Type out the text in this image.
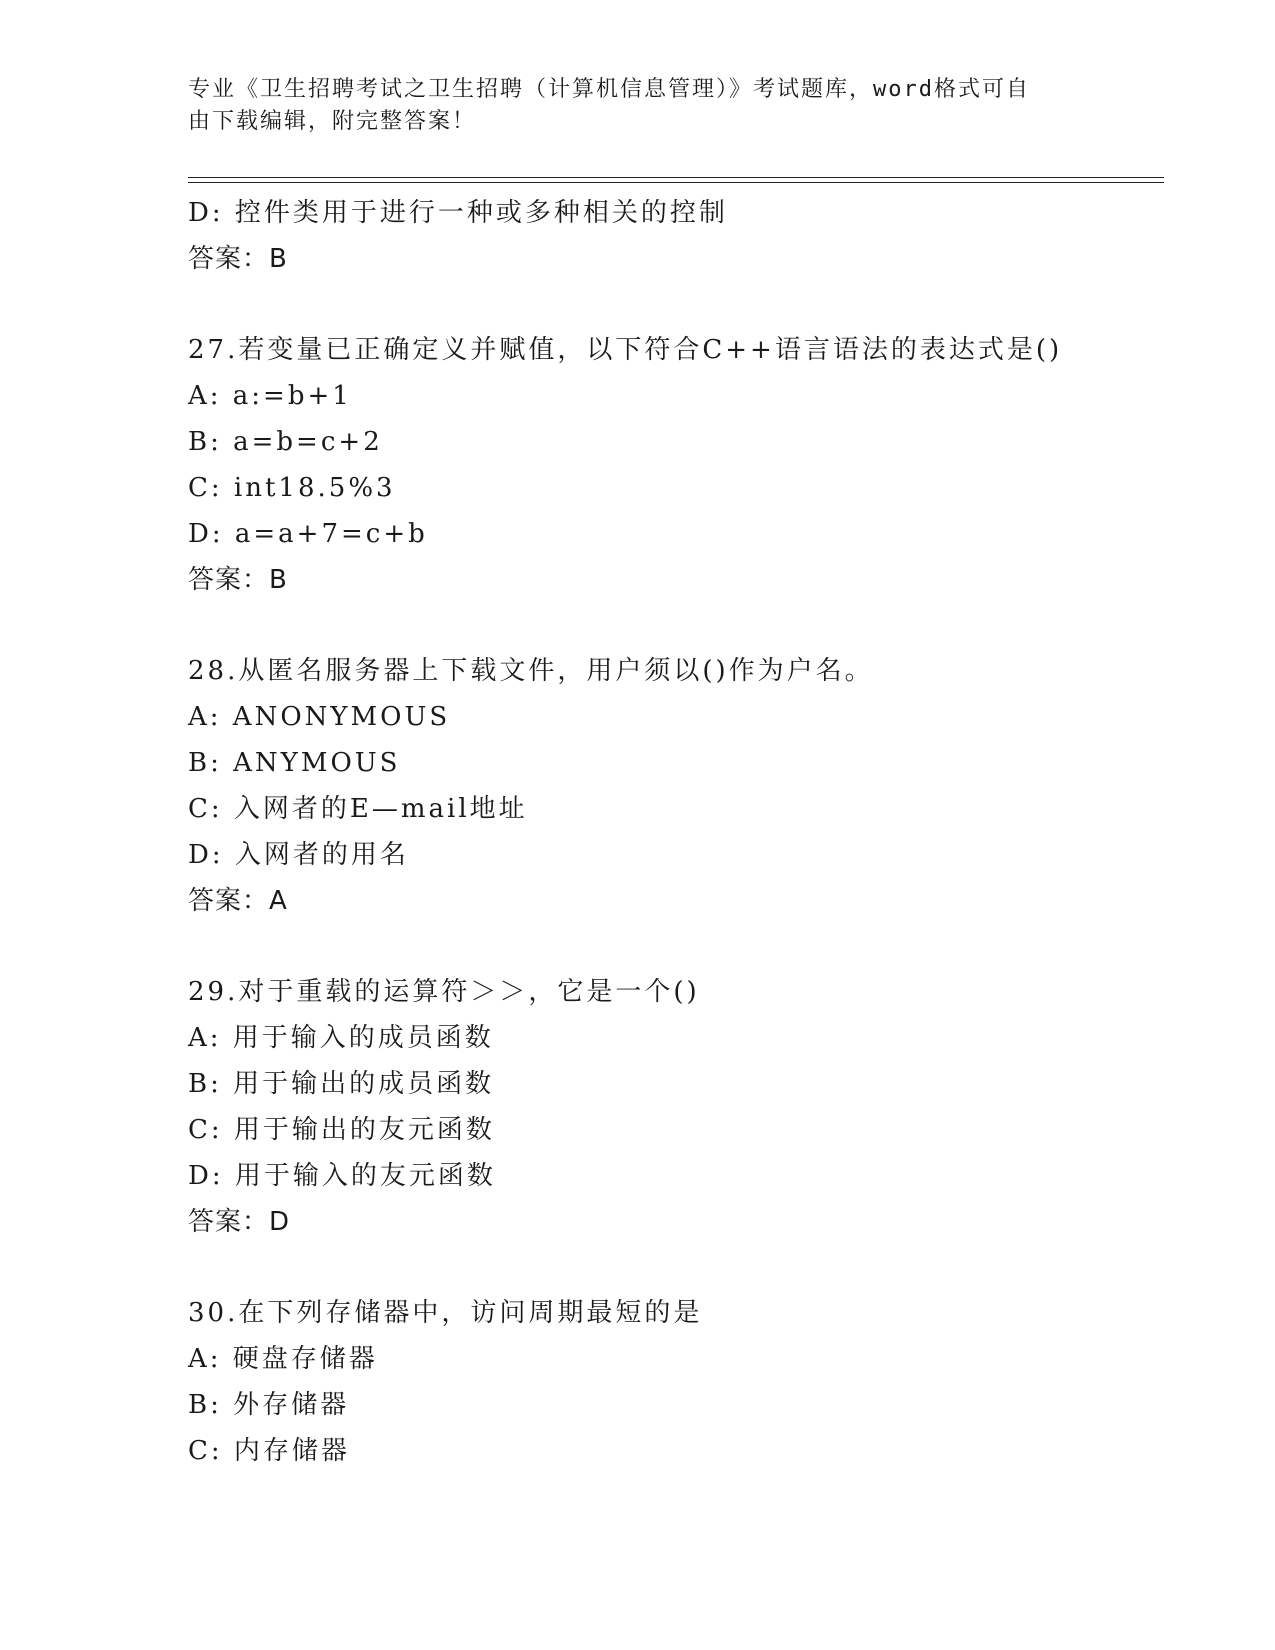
专业《卫生招聘考试之卫生招聘（计算机信息管理）》考试题库，word格式可自
由下载编辑，附完整答案！
D: 控件类用于进行一种或多种相关的控制
答案：B
27.若变量已正确定义并赋值，以下符合C++语言语法的表达式是()
A: a:=b+1
B: a=b=c+2
C: int18.5%3
D: a=a+7=c+b
答案：B
28.从匿名服务器上下载文件，用户须以()作为户名。
A: ANONYMOUS
B: ANYMOUS
C: 入网者的E—mail地址
D: 入网者的用名
答案：A
29.对于重载的运算符＞＞，它是一个()
A: 用于输入的成员函数
B: 用于输出的成员函数
C: 用于输出的友元函数
D: 用于输入的友元函数
答案：D
30.在下列存储器中，访问周期最短的是
A: 硬盘存储器
B: 外存储器
C: 内存储器
